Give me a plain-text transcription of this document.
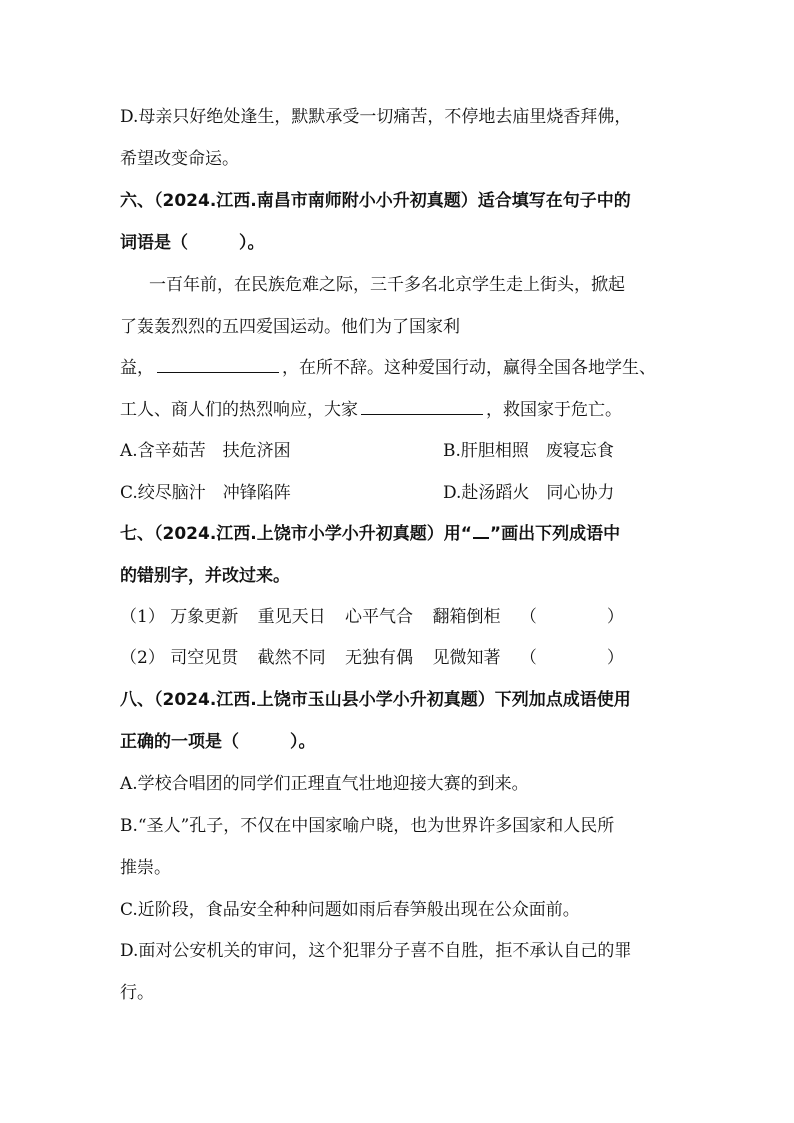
D.母亲只好绝处逢生，默默承受一切痛苦，不停地去庙里烧香拜佛，
希望改变命运。
六、（2024.江西.南昌市南师附小小升初真题）适合填写在句子中的
词语是（　　　）。
一百年前，在民族危难之际，三千多名北京学生走上街头，掀起
了轰轰烈烈的五四爱国运动。他们为了国家利
益，	，在所不辞。这种爱国行动，赢得全国各地学生、
工人、商人们的热烈响应，大家	，救国家于危亡。
A.含辛茹苦　扶危济困	B.肝胆相照　废寝忘食
C.绞尽脑汁　冲锋陷阵	D.赴汤蹈火　同心协力
七、（2024.江西.上饶市小学小升初真题）用“ ”画出下列成语中
的错别字，并改过来。
（1） 万象更新 重见天日 心平气合 翻箱倒柜 （	）
（2） 司空见贯 截然不同 无独有偶 见微知著 （	）
八、（2024.江西.上饶市玉山县小学小升初真题）下列加点成语使用
正确的一项是（　　　）。
A.学校合唱团的同学们正理直气壮地迎接大赛的到来。
B.“圣人”孔子，不仅在中国家喻户晓，也为世界许多国家和人民所
推崇。
C.近阶段，食品安全种种问题如雨后春笋般出现在公众面前。
D.面对公安机关的审问，这个犯罪分子喜不自胜，拒不承认自己的罪
行。
